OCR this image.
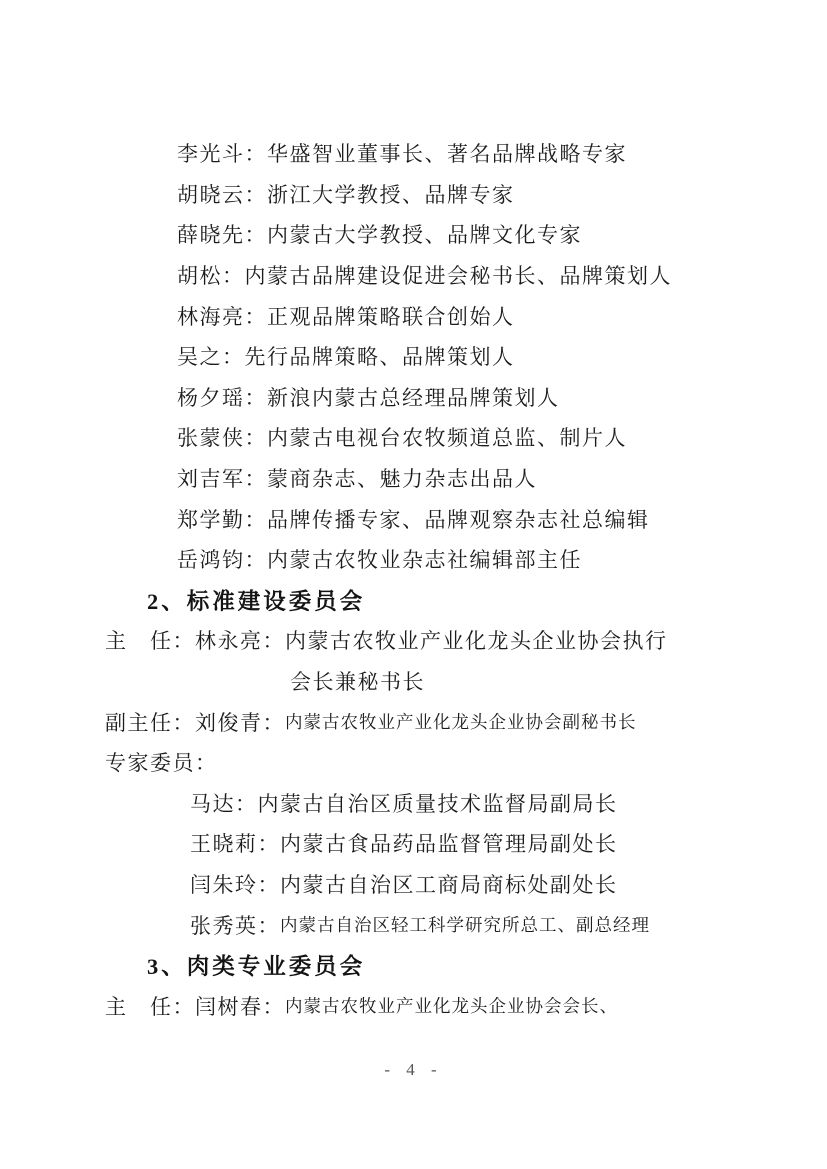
李光斗： 华盛智业董事长、著名品牌战略专家
胡晓云： 浙江大学教授、品牌专家
薛晓先： 内蒙古大学教授、品牌文化专家
胡松： 内蒙古品牌建设促进会秘书长、品牌策划人
林海亮： 正观品牌策略联合创始人
吴之： 先行品牌策略、品牌策划人
杨夕瑶： 新浪内蒙古总经理品牌策划人
张蒙侠： 内蒙古电视台农牧频道总监、制片人
刘吉军： 蒙商杂志、魅力杂志出品人
郑学勤： 品牌传播专家、品牌观察杂志社总编辑
岳鸿钧： 内蒙古农牧业杂志社编辑部主任
2、标准建设委员会
主　任： 林永亮： 内蒙古农牧业产业化龙头企业协会执行
会长兼秘书长
副主任： 刘俊青： 内蒙古农牧业产业化龙头企业协会副秘书长
专家委员：
马达： 内蒙古自治区质量技术监督局副局长
王晓莉： 内蒙古食品药品监督管理局副处长
闫朱玲： 内蒙古自治区工商局商标处副处长
张秀英： 内蒙古自治区轻工科学研究所总工、副总经理
3、肉类专业委员会
主　任： 闫树春： 内蒙古农牧业产业化龙头企业协会会长、
- 4 -
